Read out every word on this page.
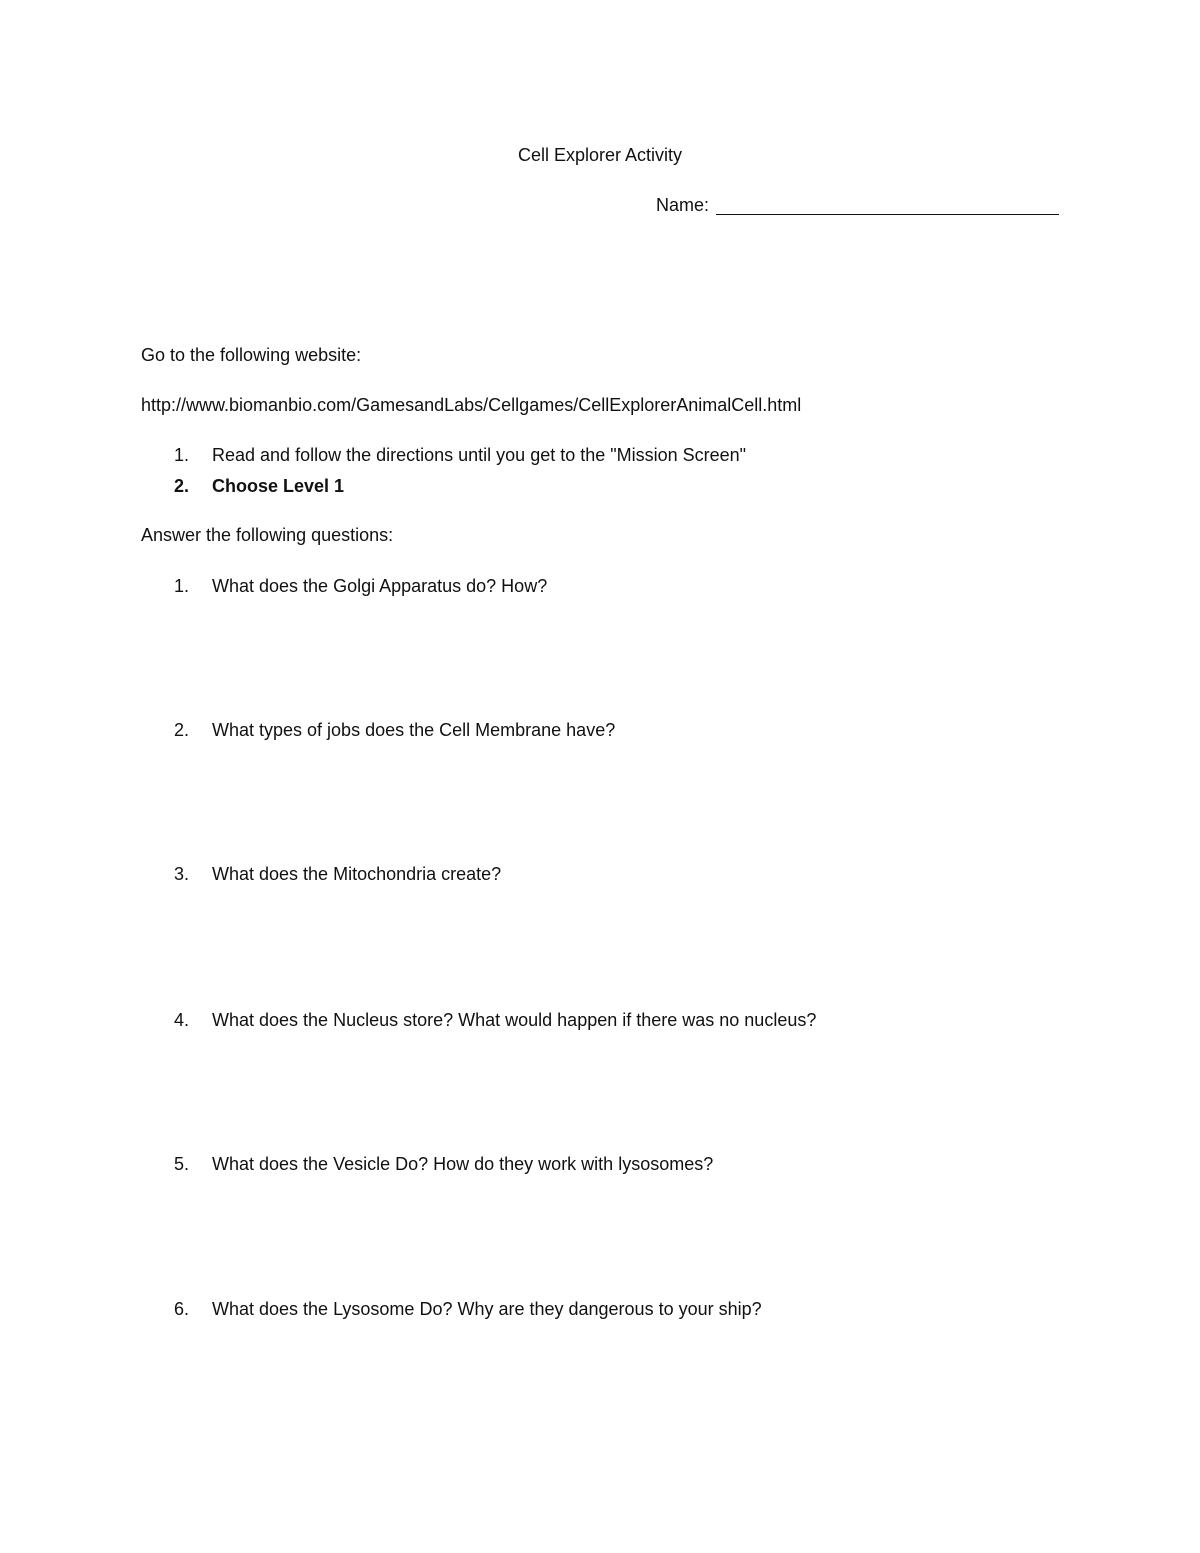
Cell Explorer Activity
Name:
Go to the following website:
http://www.biomanbio.com/GamesandLabs/Cellgames/CellExplorerAnimalCell.html
1. Read and follow the directions until you get to the "Mission Screen"
2. Choose Level 1
Answer the following questions:
1. What does the Golgi Apparatus do? How?
2. What types of jobs does the Cell Membrane have?
3. What does the Mitochondria create?
4. What does the Nucleus store? What would happen if there was no nucleus?
5. What does the Vesicle Do? How do they work with lysosomes?
6. What does the Lysosome Do? Why are they dangerous to your ship?
